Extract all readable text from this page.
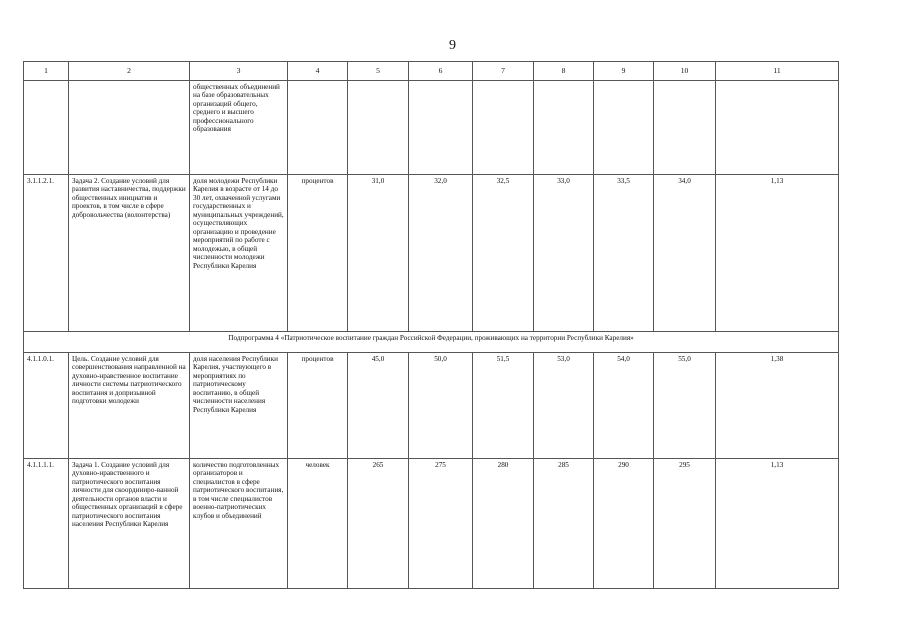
9
1	2	3	4	5	6	7	8	9	10	11
		общественных объединений на базе образовательных организаций общего, среднего и высшего профессионального образования								
3.1.1.2.1.	Задача 2. Создание условий для развития наставничества, поддержки общественных инициатив и проектов, в том числе в сфере добровольчества (волонтерства)	доля молодежи Республики Карелия в возрасте от 14 до 30 лет, охваченной услугами государственных и муниципальных учреждений, осуществляющих организацию и проведение мероприятий по работе с молодежью, в общей численности молодежи Республики Карелия	процентов	31,0	32,0	32,5	33,0	33,5	34,0	1,13
Подпрограмма 4 «Патриотическое воспитание граждан Российской Федерации, проживающих на территории Республики Карелия»										
4.1.1.0.1.	Цель. Создание условий для совершенствования направленной на духовно-нравственное воспитание личности системы патриотического воспитания и допризывной подготовки молодежи	доля населения Республики Карелия, участвующего в мероприятиях по патриотическому воспитанию, в общей численности населения Республики Карелия	процентов	45,0	50,0	51,5	53,0	54,0	55,0	1,38
4.1.1.1.1.	Задача 1. Создание условий для духовно-нравственного и патриотического воспитания личности для скоординиро-ванной деятельности органов власти и общественных организаций в сфере патриотического воспитания населения Республики Карелия	количество подготовленных организаторов и специалистов в сфере патриотического воспитания, в том числе специалистов военно-патриотических клубов и объединений	человек	265	275	280	285	290	295	1,13
